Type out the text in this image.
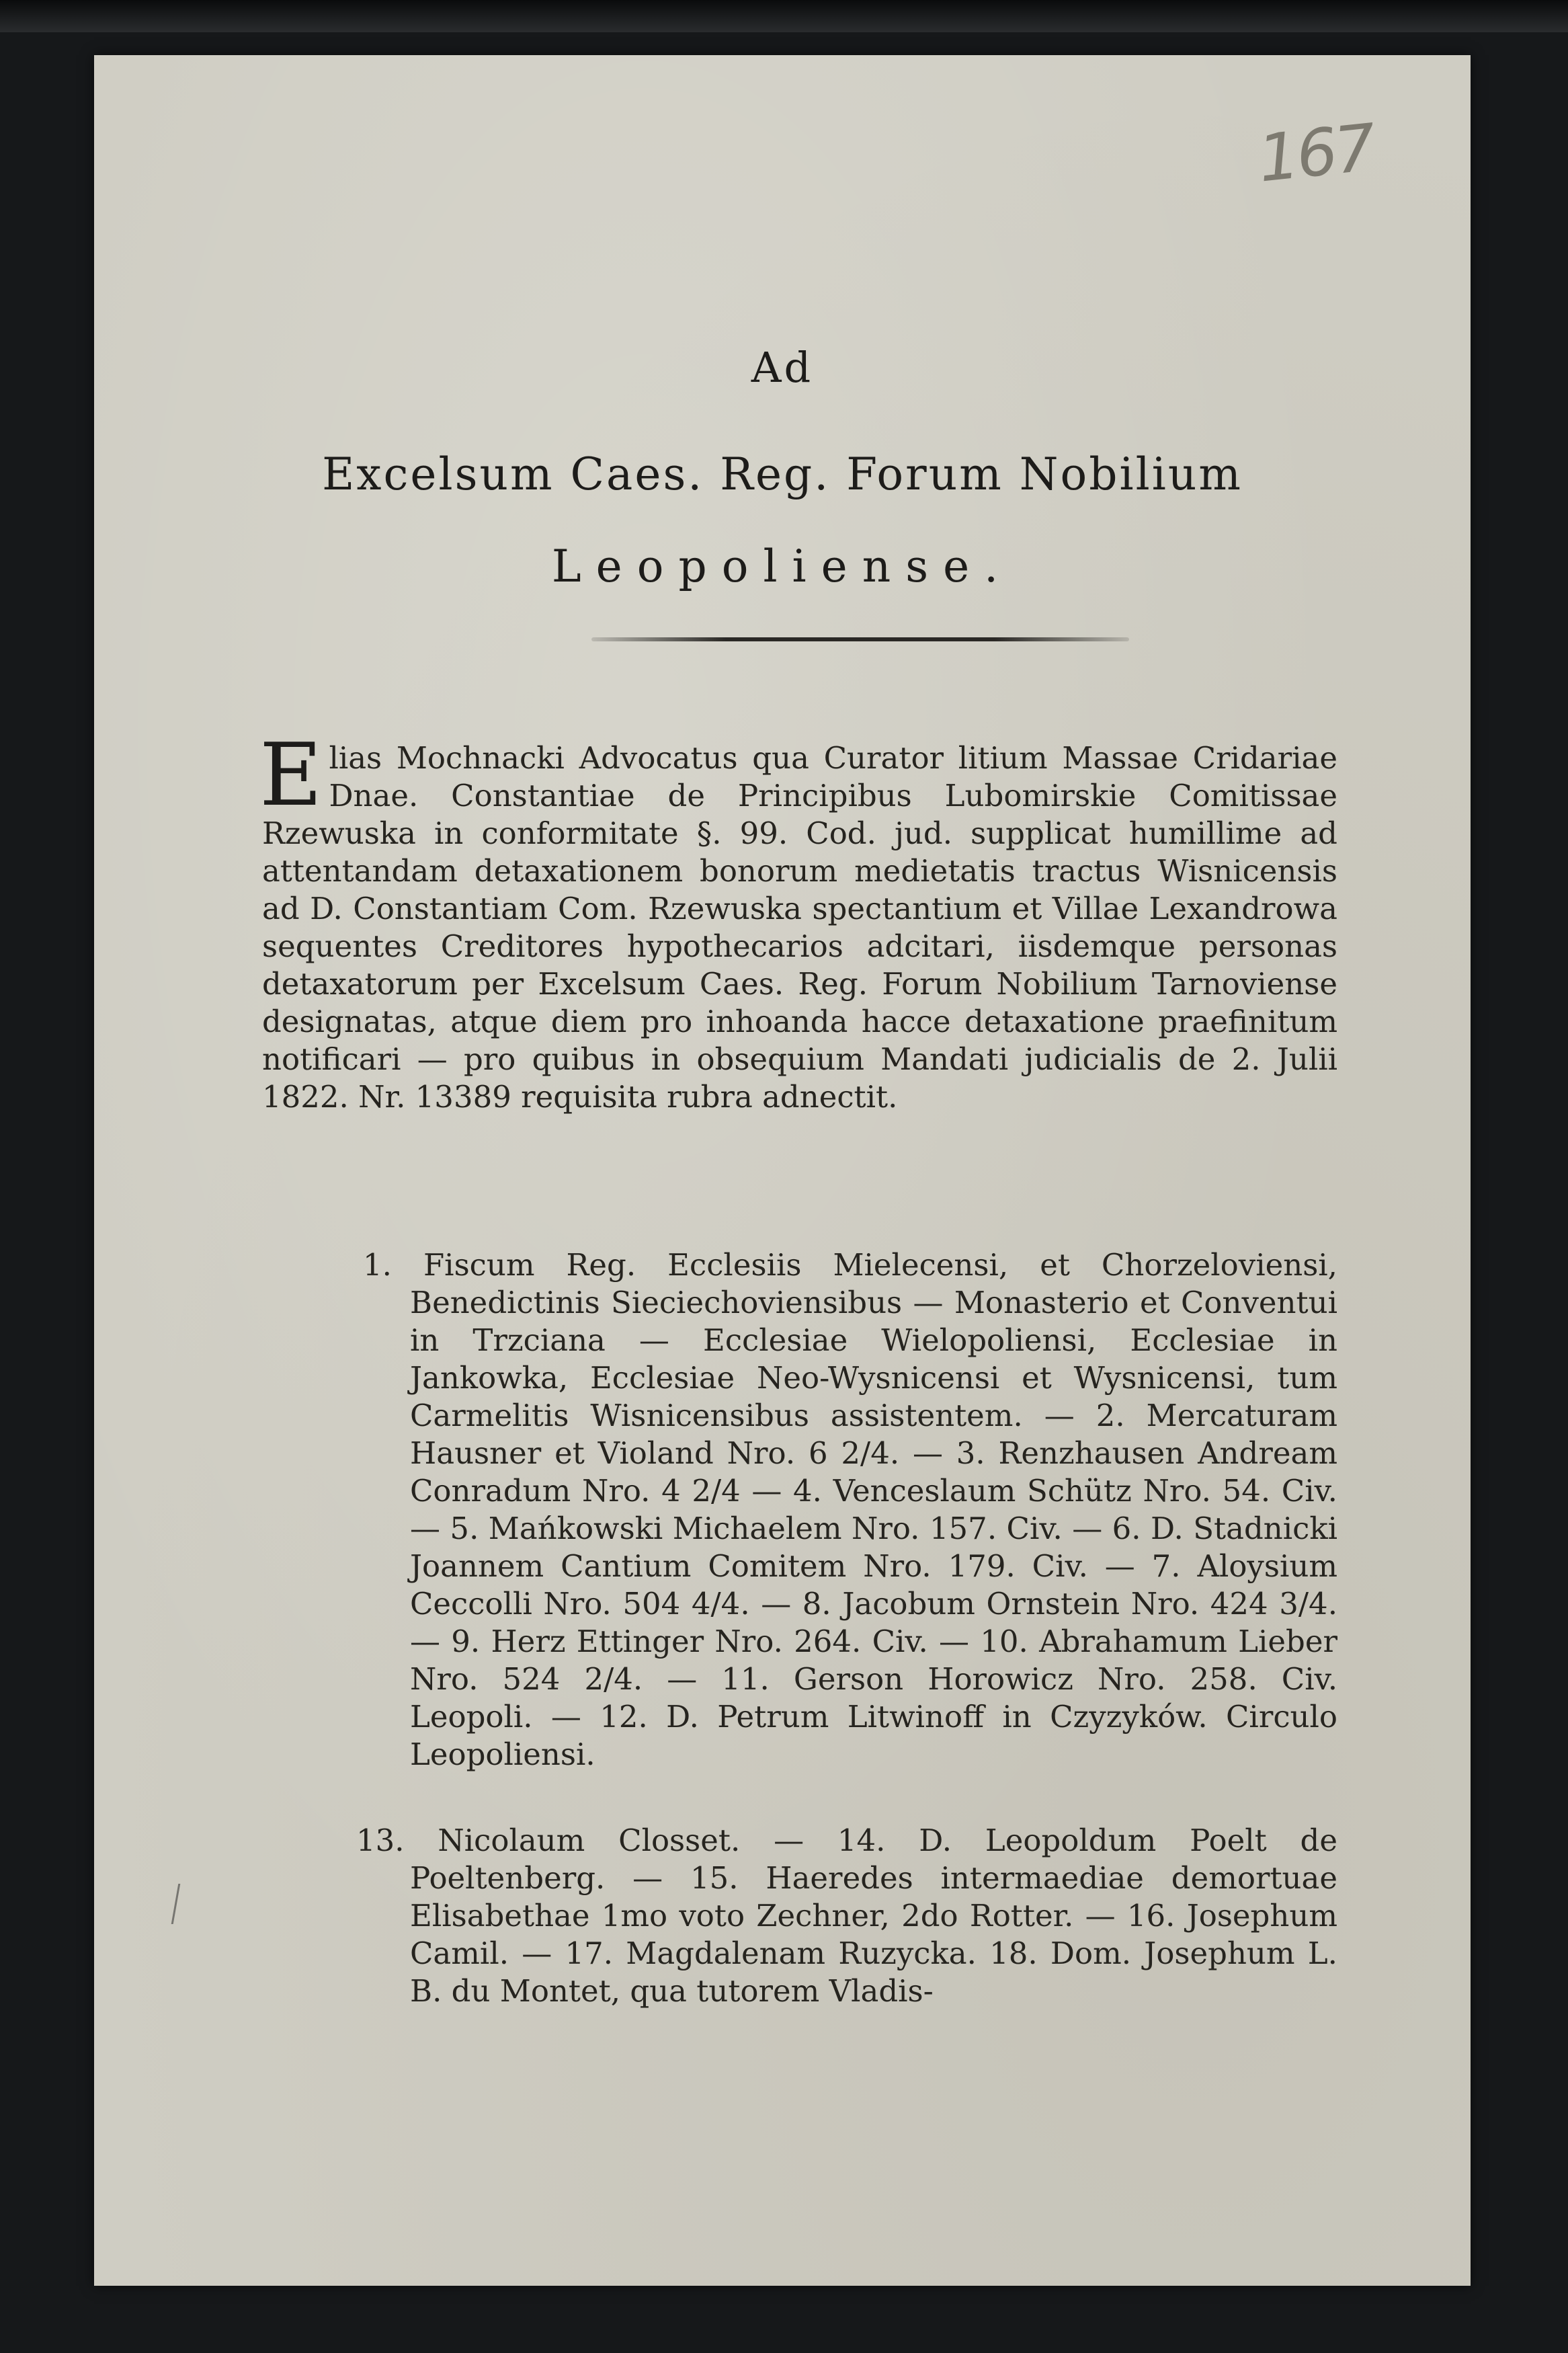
167
Ad
Excelsum Caes. Reg. Forum Nobilium
Leopoliense.
Elias Mochnacki Advocatus qua Curator litium Massae Cridariae Dnae. Constantiae de Principibus Lubomirskie Comitissae Rzewuska in conformitate §. 99. Cod. jud. supplicat humillime ad attentandam detaxationem bonorum medietatis tractus Wisnicensis ad D. Constantiam Com. Rzewuska spectantium et Villae Lexandrowa sequentes Creditores hypothecarios adcitari, iisdemque personas detaxatorum per Excelsum Caes. Reg. Forum Nobilium Tarnoviense designatas, atque diem pro inhoanda hacce detaxatione praefinitum notificari — pro quibus in obsequium Mandati judicialis de 2. Julii 1822. Nr. 13389 requisita rubra adnectit.
1. Fiscum Reg. Ecclesiis Mielecensi, et Chorzeloviensi, Benedictinis Sieciechoviensibus — Monasterio et Conventui in Trzciana — Ecclesiae Wielopoliensi, Ecclesiae in Jankowka, Ecclesiae Neo-Wysnicensi et Wysnicensi, tum Carmelitis Wisnicensibus assistentem. — 2. Mercaturam Hausner et Violand Nro. 6 2/4. — 3. Renzhausen Andream Conradum Nro. 4 2/4 — 4. Venceslaum Schütz Nro. 54. Civ. — 5. Mańkowski Michaelem Nro. 157. Civ. — 6. D. Stadnicki Joannem Cantium Comitem Nro. 179. Civ. — 7. Aloysium Ceccolli Nro. 504 4/4. — 8. Jacobum Ornstein Nro. 424 3/4. — 9. Herz Ettinger Nro. 264. Civ. — 10. Abrahamum Lieber Nro. 524 2/4. — 11. Gerson Horowicz Nro. 258. Civ. Leopoli. — 12. D. Petrum Litwinoff in Czyzyków. Circulo Leopoliensi.
13. Nicolaum Closset. — 14. D. Leopoldum Poelt de Poeltenberg. — 15. Haeredes intermaediae demortuae Elisabethae 1mo voto Zechner, 2do Rotter. — 16. Josephum Camil. — 17. Magdalenam Ruzycka. 18. Dom. Josephum L. B. du Montet, qua tutorem Vladis-
